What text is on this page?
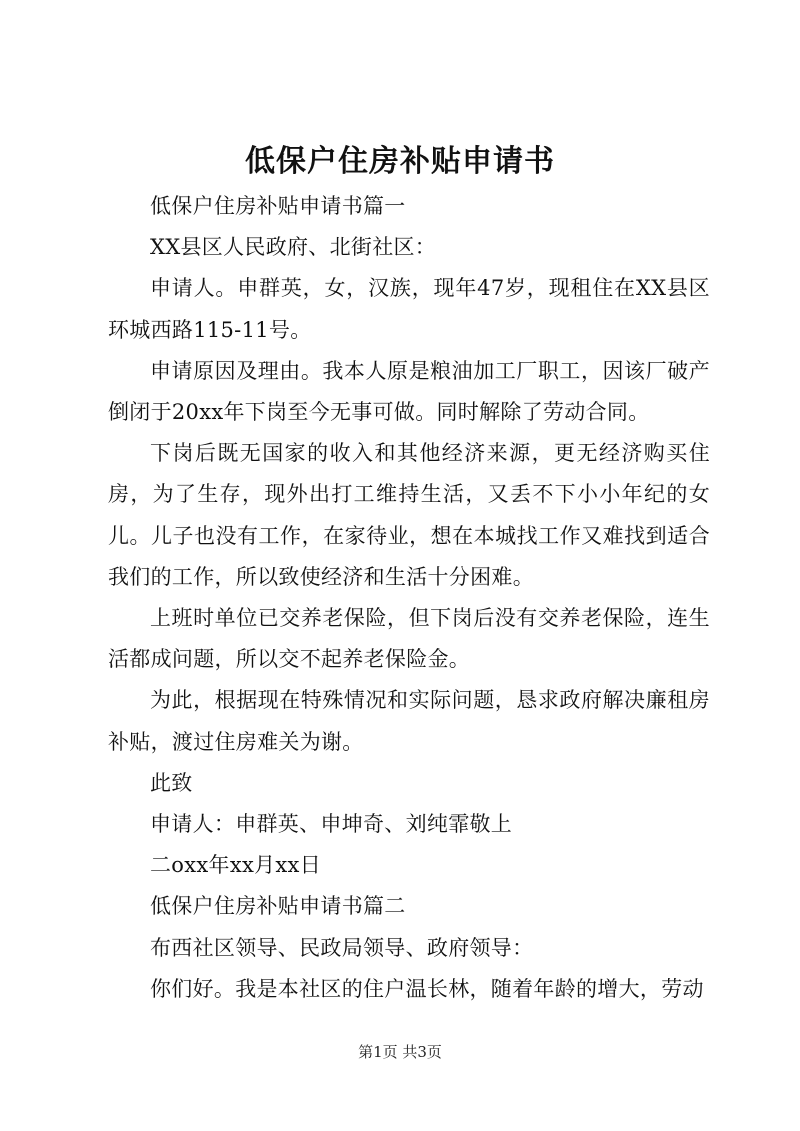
低保户住房补贴申请书

低保户住房补贴申请书篇一

XX县区人民政府、北街社区：

申请人。申群英，女，汉族，现年47岁，现租住在XX县区环城西路115-11号。

申请原因及理由。我本人原是粮油加工厂职工，因该厂破产倒闭于20xx年下岗至今无事可做。同时解除了劳动合同。

下岗后既无国家的收入和其他经济来源，更无经济购买住房，为了生存，现外出打工维持生活，又丢不下小小年纪的女儿。儿子也没有工作，在家待业，想在本城找工作又难找到适合我们的工作，所以致使经济和生活十分困难。

上班时单位已交养老保险，但下岗后没有交养老保险，连生活都成问题，所以交不起养老保险金。

为此，根据现在特殊情况和实际问题，恳求政府解决廉租房补贴，渡过住房难关为谢。

此致

申请人：申群英、申坤奇、刘纯霏敬上

二oxx年xx月xx日

低保户住房补贴申请书篇二

布西社区领导、民政局领导、政府领导：

你们好。我是本社区的住户温长林，随着年龄的增大，劳动

第1页 共3页
